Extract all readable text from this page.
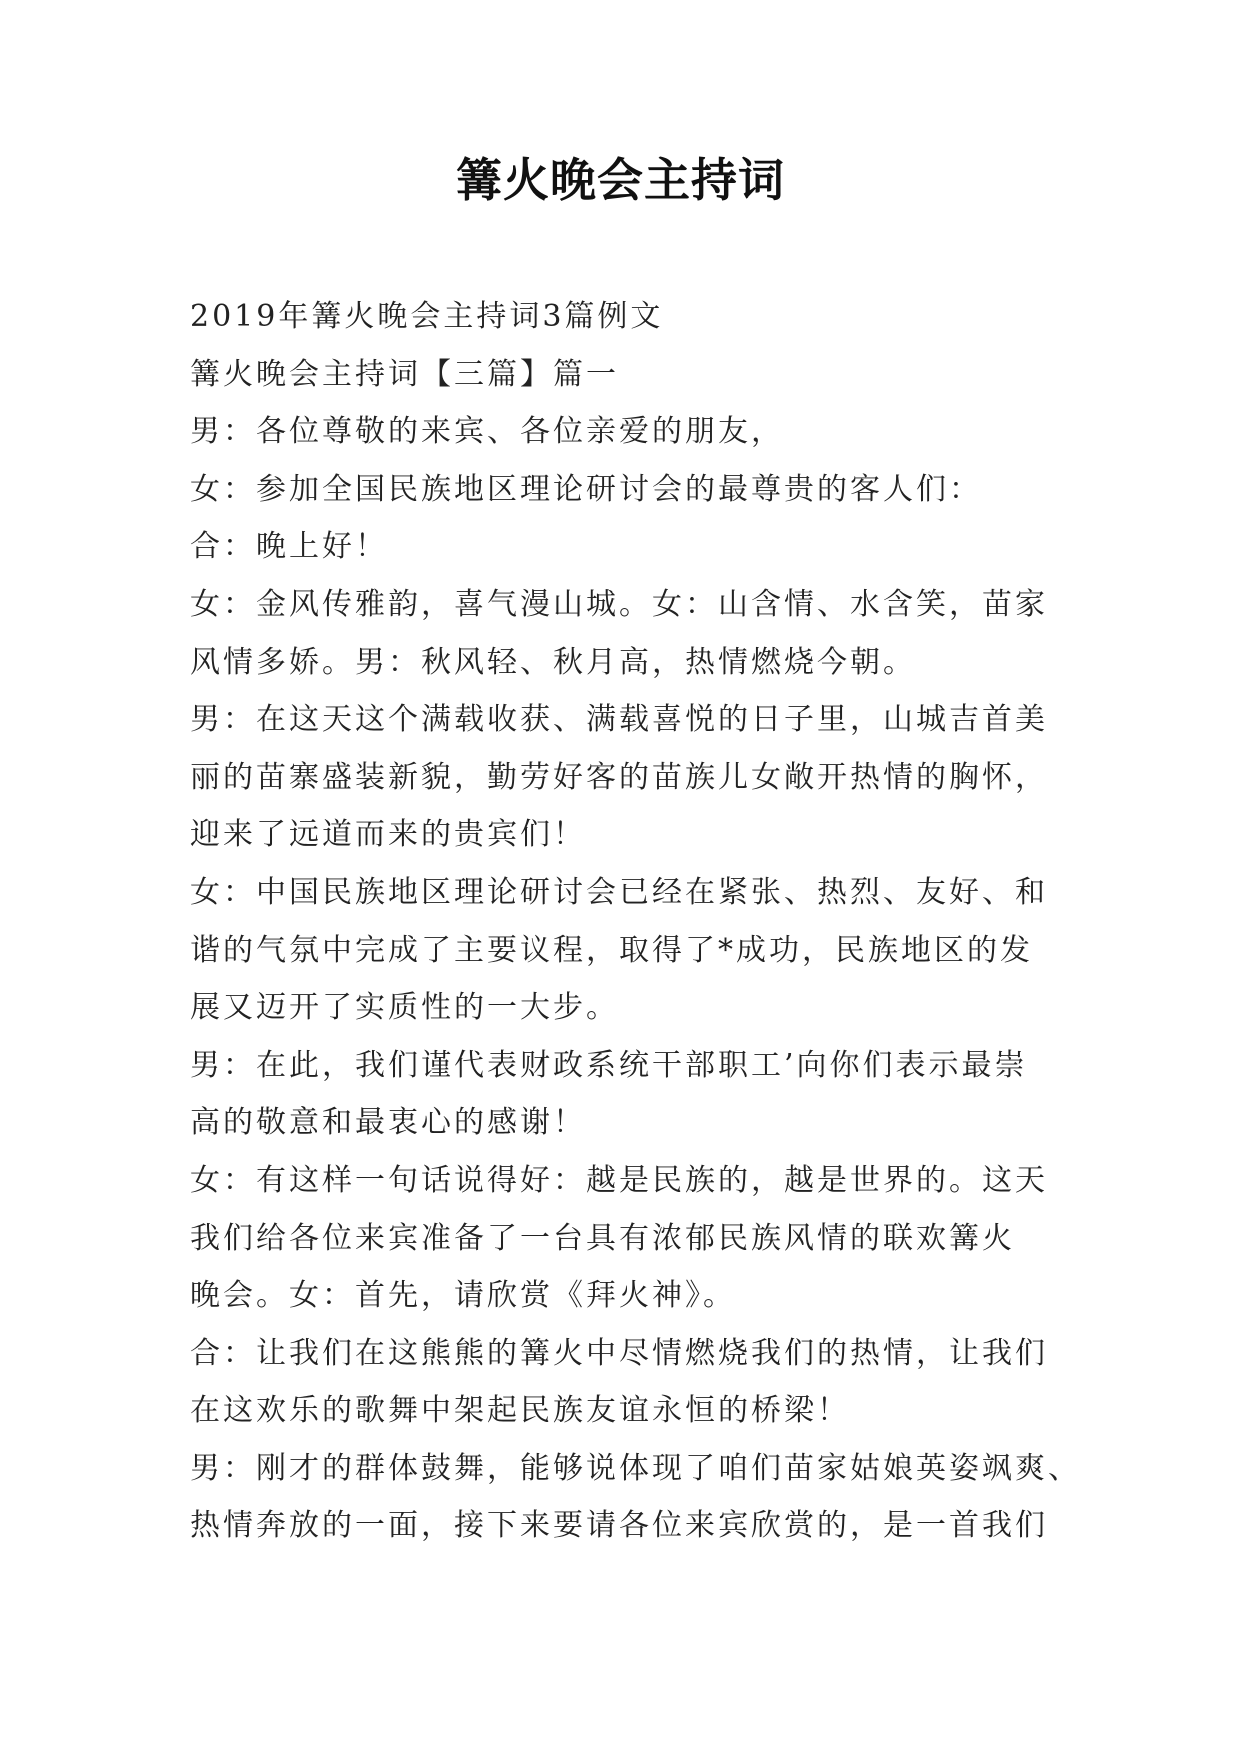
篝火晚会主持词

2019年篝火晚会主持词3篇例文

篝火晚会主持词【三篇】篇一

男：各位尊敬的来宾、各位亲爱的朋友，

女：参加全国民族地区理论研讨会的最尊贵的客人们：

合：晚上好！

女：金风传雅韵，喜气漫山城。女：山含情、水含笑，苗家

风情多娇。男：秋风轻、秋月高，热情燃烧今朝。

男：在这天这个满载收获、满载喜悦的日子里，山城吉首美

丽的苗寨盛装新貌，勤劳好客的苗族儿女敞开热情的胸怀，

迎来了远道而来的贵宾们！

女：中国民族地区理论研讨会已经在紧张、热烈、友好、和

谐的气氛中完成了主要议程，取得了*成功，民族地区的发

展又迈开了实质性的一大步。

男：在此，我们谨代表财政系统干部职工’向你们表示最崇

高的敬意和最衷心的感谢！

女：有这样一句话说得好：越是民族的，越是世界的。这天

我们给各位来宾准备了一台具有浓郁民族风情的联欢篝火

晚会。女：首先，请欣赏《拜火神》。

合：让我们在这熊熊的篝火中尽情燃烧我们的热情，让我们

在这欢乐的歌舞中架起民族友谊永恒的桥梁！

男：刚才的群体鼓舞，能够说体现了咱们苗家姑娘英姿飒爽、

热情奔放的一面，接下来要请各位来宾欣赏的，是一首我们
